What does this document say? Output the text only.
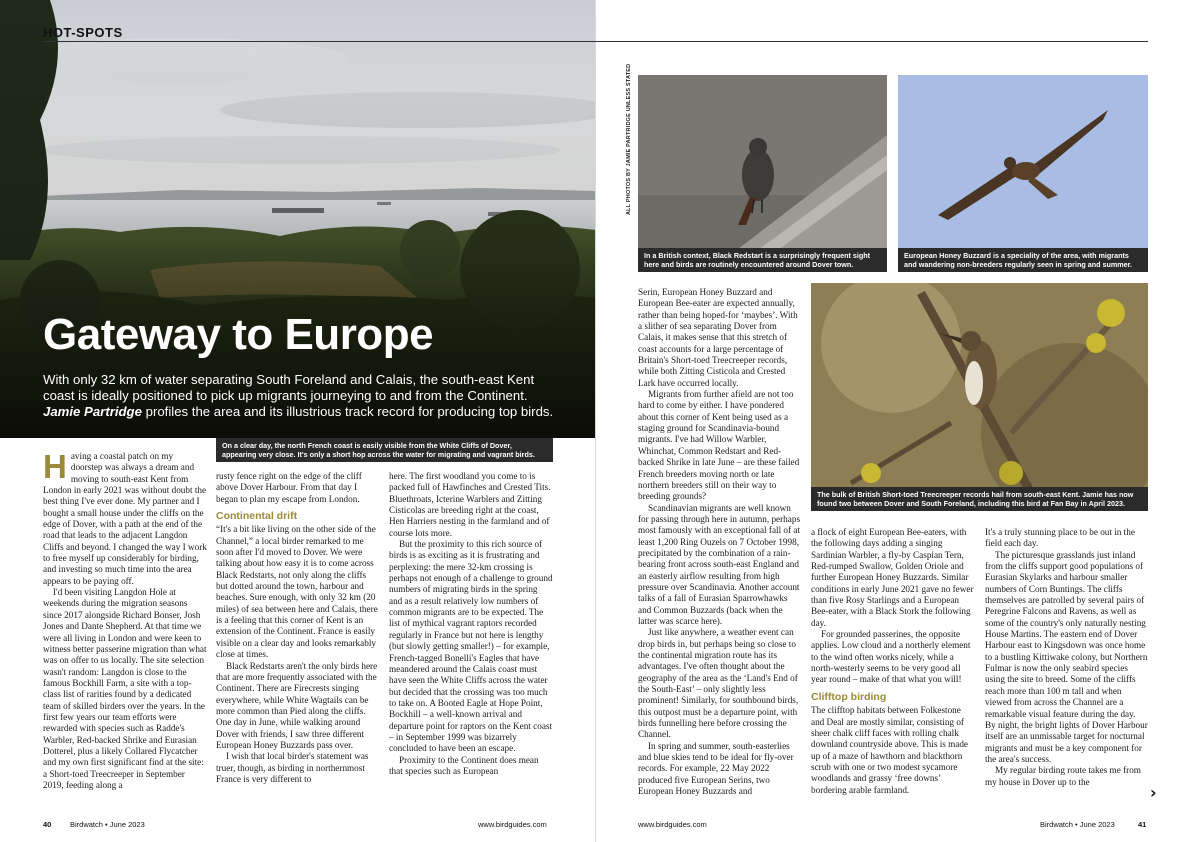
HOT-SPOTS
Gateway to Europe
With only 32 km of water separating South Foreland and Calais, the south-east Kent coast is ideally positioned to pick up migrants journeying to and from the Continent. Jamie Partridge profiles the area and its illustrious track record for producing top birds.
On a clear day, the north French coast is easily visible from the White Cliffs of Dover, appearing very close. It's only a short hop across the water for migrating and vagrant birds.

Having a coastal patch on my doorstep was always a dream and moving to south-east Kent from London in early 2021 was without doubt the best thing I've ever done. My partner and I bought a small house under the cliffs on the edge of Dover, with a path at the end of the road that leads to the adjacent Langdon Cliffs and beyond. I changed the way I work to free myself up considerably for birding, and investing so much time into the area appears to be paying off.

I'd been visiting Langdon Hole at weekends during the migration seasons since 2017 alongside Richard Bonser, Josh Jones and Dante Shepherd. At that time we were all living in London and were keen to witness better passerine migration than what was on offer to us locally. The site selection wasn't random: Langdon is close to the famous Bockhill Farm, a site with a top-class list of rarities found by a dedicated team of skilled birders over the years. In the first few years our team efforts were rewarded with species such as Radde's Warbler, Red-backed Shrike and Eurasian Dotterel, plus a likely Collared Flycatcher and my own first significant find at the site: a Short-toed Treecreeper in September 2019, feeding along a

rusty fence right on the edge of the cliff above Dover Harbour. From that day I began to plan my escape from London.

Continental drift

“It's a bit like living on the other side of the Channel,” a local birder remarked to me soon after I'd moved to Dover. We were talking about how easy it is to come across Black Redstarts, not only along the cliffs but dotted around the town, harbour and beaches. Sure enough, with only 32 km (20 miles) of sea between here and Calais, there is a feeling that this corner of Kent is an extension of the Continent. France is easily visible on a clear day and looks remarkably close at times.

Black Redstarts aren't the only birds here that are more frequently associated with the Continent. There are Firecrests singing everywhere, while White Wagtails can be more common than Pied along the cliffs. One day in June, while walking around Dover with friends, I saw three different European Honey Buzzards pass over.

I wish that local birder's statement was truer, though, as birding in northernmost France is very different to

here. The first woodland you come to is packed full of Hawfinches and Crested Tits. Bluethroats, Icterine Warblers and Zitting Cisticolas are breeding right at the coast, Hen Harriers nesting in the farmland and of course lots more.

But the proximity to this rich source of birds is as exciting as it is frustrating and perplexing: the mere 32-km crossing is perhaps not enough of a challenge to ground numbers of migrating birds in the spring and as a result relatively low numbers of common migrants are to be expected. The list of mythical vagrant raptors recorded regularly in France but not here is lengthy (but slowly getting smaller!) – for example, French-tagged Bonelli's Eagles that have meandered around the Calais coast must have seen the White Cliffs across the water but decided that the crossing was too much to take on. A Booted Eagle at Hope Point, Bockhill – a well-known arrival and departure point for raptors on the Kent coast – in September 1999 was bizarrely concluded to have been an escape.

Proximity to the Continent does mean that species such as European

40 Birdwatch • June 2023	www.birdguides.com
ALL PHOTOS BY JAMIE PARTRIDGE UNLESS STATED
In a British context, Black Redstart is a surprisingly frequent sight here and birds are routinely encountered around Dover town.
European Honey Buzzard is a speciality of the area, with migrants and wandering non-breeders regularly seen in spring and summer.
The bulk of British Short-toed Treecreeper records hail from south-east Kent. Jamie has now found two between Dover and South Foreland, including this bird at Fan Bay in April 2023.

Serin, European Honey Buzzard and European Bee-eater are expected annually, rather than being hoped-for ‘maybes’. With a slither of sea separating Dover from Calais, it makes sense that this stretch of coast accounts for a large percentage of Britain's Short-toed Treecreeper records, while both Zitting Cisticola and Crested Lark have occurred locally.

Migrants from further afield are not too hard to come by either. I have pondered about this corner of Kent being used as a staging ground for Scandinavia-bound migrants. I've had Willow Warbler, Whinchat, Common Redstart and Red-backed Shrike in late June – are these failed French breeders moving north or late northern breeders still on their way to breeding grounds?

Scandinavian migrants are well known for passing through here in autumn, perhaps most famously with an exceptional fall of at least 1,200 Ring Ouzels on 7 October 1998, precipitated by the combination of a rain-bearing front across south-east England and an easterly airflow resulting from high pressure over Scandinavia. Another account talks of a fall of Eurasian Sparrowhawks and Common Buzzards (back when the latter was scarce here).

Just like anywhere, a weather event can drop birds in, but perhaps being so close to the continental migration route has its advantages. I've often thought about the geography of the area as the ‘Land's End of the South-East’ – only slightly less prominent! Similarly, for southbound birds, this outpost must be a departure point, with birds funnelling here before crossing the Channel.

In spring and summer, south-easterlies and blue skies tend to be ideal for fly-over records. For example, 22 May 2022 produced five European Serins, two European Honey Buzzards and

a flock of eight European Bee-eaters, with the following days adding a singing Sardinian Warbler, a fly-by Caspian Tern, Red-rumped Swallow, Golden Oriole and further European Honey Buzzards. Similar conditions in early June 2021 gave no fewer than five Rosy Starlings and a European Bee-eater, with a Black Stork the following day.

For grounded passerines, the opposite applies. Low cloud and a northerly element to the wind often works nicely, while a north-westerly seems to be very good all year round – make of that what you will!

Clifftop birding

The clifftop habitats between Folkestone and Deal are mostly similar, consisting of sheer chalk cliff faces with rolling chalk downland countryside above. This is made up of a maze of hawthorn and blackthorn scrub with one or two modest sycamore woodlands and grassy ‘free downs’ bordering arable farmland.

It's a truly stunning place to be out in the field each day.

The picturesque grasslands just inland from the cliffs support good populations of Eurasian Skylarks and harbour smaller numbers of Corn Buntings. The cliffs themselves are patrolled by several pairs of Peregrine Falcons and Ravens, as well as some of the country's only naturally nesting House Martins. The eastern end of Dover Harbour east to Kingsdown was once home to a bustling Kittiwake colony, but Northern Fulmar is now the only seabird species using the site to breed. Some of the cliffs reach more than 100 m tall and when viewed from across the Channel are a remarkable visual feature during the day. By night, the bright lights of Dover Harbour itself are an unmissable target for nocturnal migrants and must be a key component for the area's success.

My regular birding route takes me from my house in Dover up to the

›
www.birdguides.com	Birdwatch • June 2023	41
